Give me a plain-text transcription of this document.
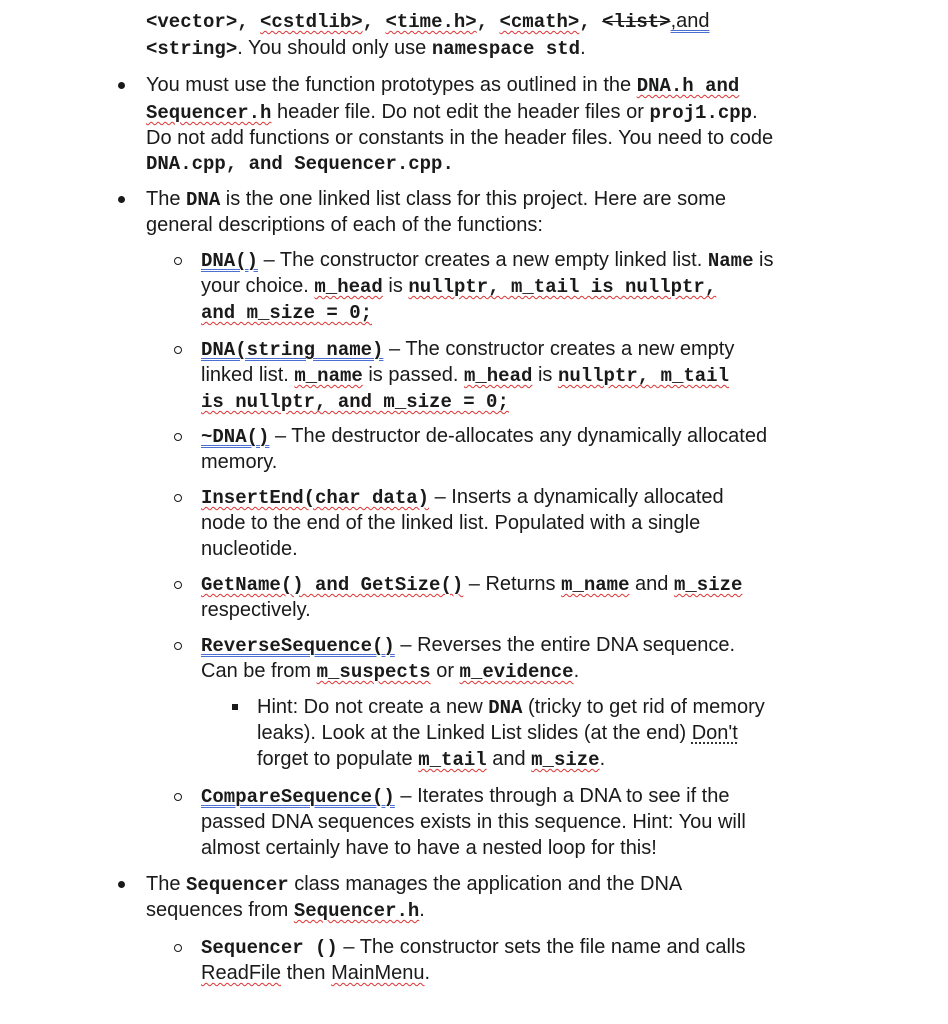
<vector>, <cstdlib>, <time.h>, <cmath>, <list>,and
<string>. You should only use namespace std.
You must use the function prototypes as outlined in the DNA.h and
Sequencer.h header file. Do not edit the header files or proj1.cpp.
Do not add functions or constants in the header files. You need to code
DNA.cpp, and Sequencer.cpp.
The DNA is the one linked list class for this project. Here are some
general descriptions of each of the functions:
DNA() – The constructor creates a new empty linked list. Name is
your choice. m_head is nullptr, m_tail is nullptr,
and m_size = 0;
DNA(string name) – The constructor creates a new empty
linked list. m_name is passed. m_head is nullptr, m_tail
is nullptr, and m_size = 0;
~DNA() – The destructor de-allocates any dynamically allocated
memory.
InsertEnd(char data) – Inserts a dynamically allocated
node to the end of the linked list. Populated with a single
nucleotide.
GetName() and GetSize() – Returns m_name and m_size
respectively.
ReverseSequence() – Reverses the entire DNA sequence.
Can be from m_suspects or m_evidence.
Hint: Do not create a new DNA (tricky to get rid of memory
leaks). Look at the Linked List slides (at the end) Don't
forget to populate m_tail and m_size.
CompareSequence() – Iterates through a DNA to see if the
passed DNA sequences exists in this sequence. Hint: You will
almost certainly have to have a nested loop for this!
The Sequencer class manages the application and the DNA
sequences from Sequencer.h.
Sequencer () – The constructor sets the file name and calls
ReadFile then MainMenu.
